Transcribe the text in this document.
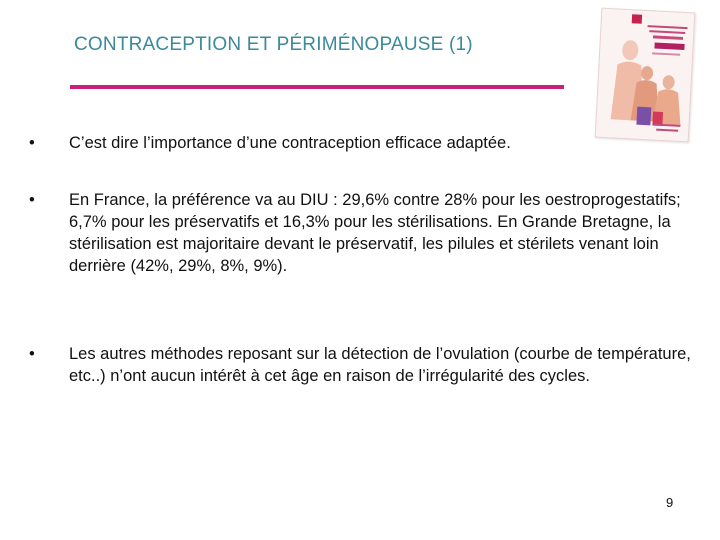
CONTRACEPTION ET PÉRIMÉNOPAUSE (1)
•	C’est dire l’importance d’une contraception efficace adaptée.
•	En France, la préférence va au DIU : 29,6% contre 28% pour les oestroprogestatifs; 6,7% pour les préservatifs et 16,3% pour les stérilisations. En Grande Bretagne, la stérilisation est majoritaire devant le préservatif, les pilules et stérilets venant loin derrière (42%, 29%, 8%, 9%).
•	Les autres méthodes reposant sur la détection de l’ovulation (courbe de température, etc..) n’ont aucun intérêt à cet âge en raison de l’irrégularité des cycles.
9
